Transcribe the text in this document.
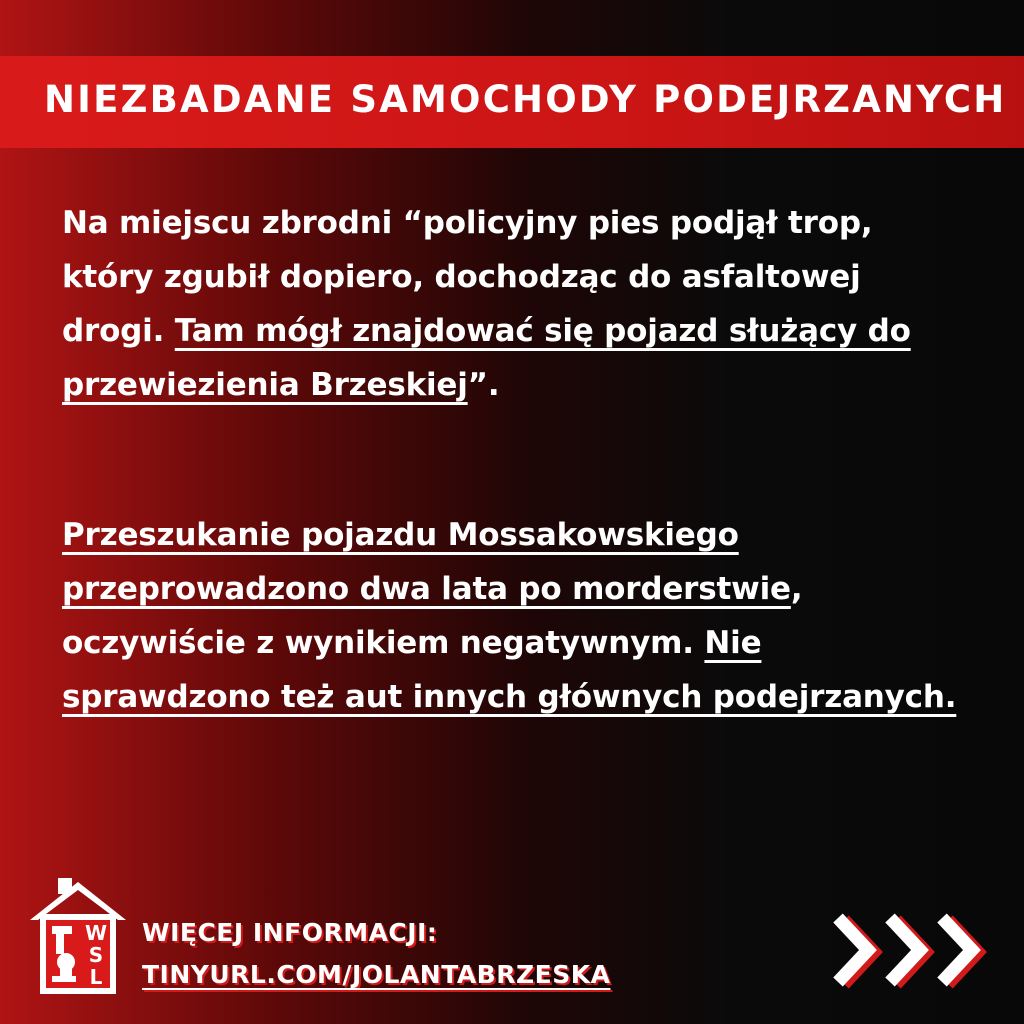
NIEZBADANE SAMOCHODY PODEJRZANYCH

Na miejscu zbrodni “policyjny pies podjął trop, który zgubił dopiero, dochodząc do asfaltowej drogi. Tam mógł znajdować się pojazd służący do przewiezienia Brzeskiej”.

Przeszukanie pojazdu Mossakowskiego przeprowadzono dwa lata po morderstwie, oczywiście z wynikiem negatywnym. Nie sprawdzono też aut innych głównych podejrzanych.

W
S
L
WIĘCEJ INFORMACJI:
TINYURL.COM/JOLANTABRZESKA
